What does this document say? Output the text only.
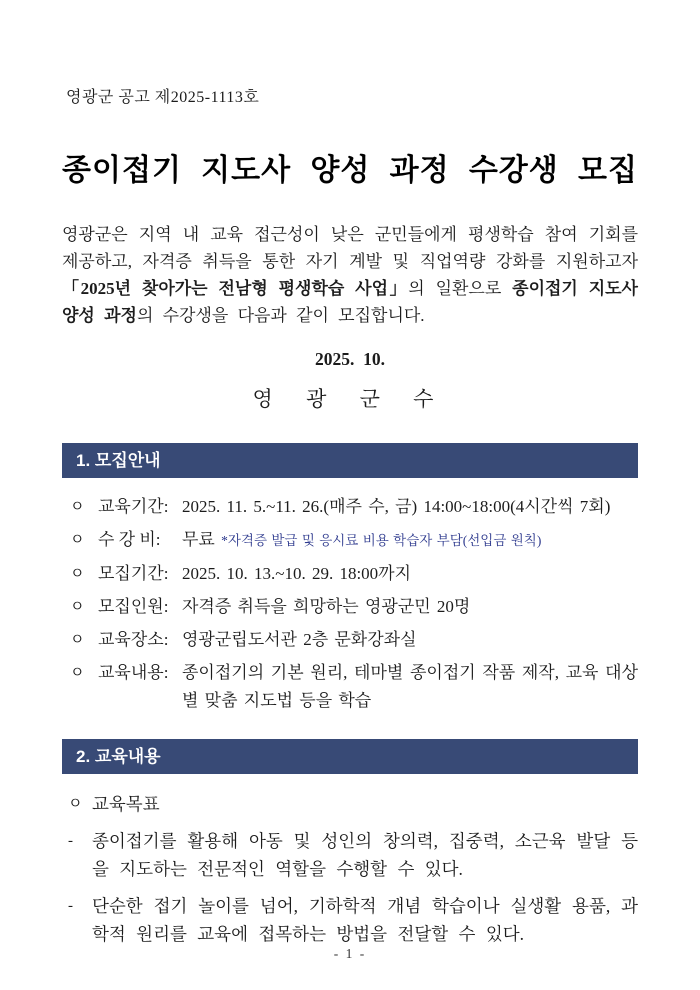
영광군 공고 제2025-1113호
종이접기 지도사 양성 과정 수강생 모집
영광군은 지역 내 교육 접근성이 낮은 군민들에게 평생학습 참여 기회를 제공하고, 자격증 취득을 통한 자기 계발 및 직업역량 강화를 지원하고자 「2025년 찾아가는 전남형 평생학습 사업」의 일환으로 종이접기 지도사 양성 과정의 수강생을 다음과 같이 모집합니다.
2025.  10.
영 광 군 수
1. 모집안내
ㅇ 교육기간: 2025. 11. 5.~11. 26.(매주 수, 금) 14:00~18:00(4시간씩 7회)
ㅇ 수 강 비:	무료 *자격증 발급 및 응시료 비용 학습자 부담(선입금 원칙)
ㅇ 모집기간: 2025. 10. 13.~10. 29. 18:00까지
ㅇ 모집인원: 자격증 취득을 희망하는 영광군민 20명
ㅇ 교육장소: 영광군립도서관 2층 문화강좌실
ㅇ 교육내용: 종이접기의 기본 원리, 테마별 종이접기 작품 제작, 교육 대상별 맞춤 지도법 등을 학습
2. 교육내용
ㅇ 교육목표
-	종이접기를 활용해 아동 및 성인의 창의력, 집중력, 소근육 발달 등을 지도하는 전문적인 역할을 수행할 수 있다.
-	단순한 접기 놀이를 넘어, 기하학적 개념 학습이나 실생활 용품, 과학적 원리를 교육에 접목하는 방법을 전달할 수 있다.
- 1 -
